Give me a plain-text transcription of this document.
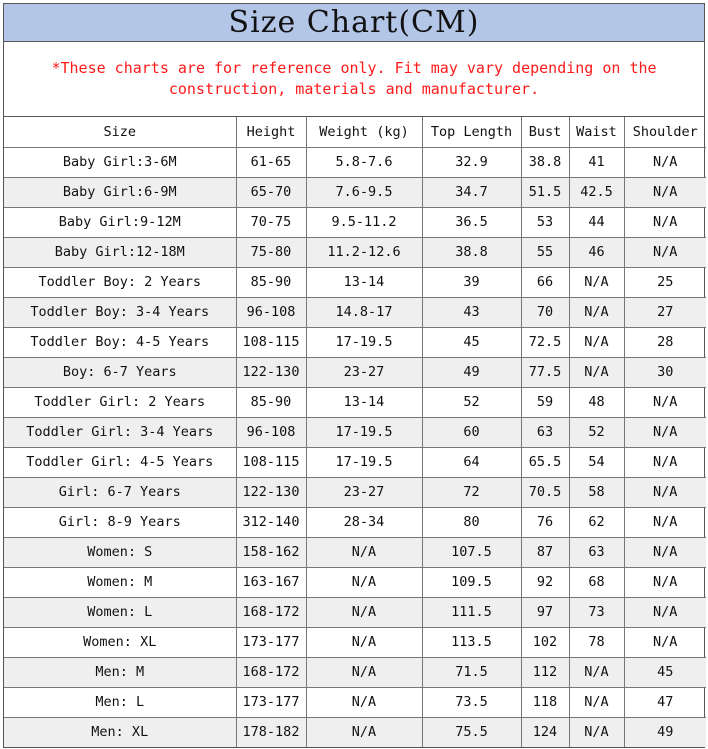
Size Chart(CM)
*These charts are for reference only. Fit may vary depending on the construction, materials and manufacturer.
Size	Height	Weight (kg)	Top Length	Bust	Waist	Shoulder
Baby Girl:3-6M	61-65	5.8-7.6	32.9	38.8	41	N/A
Baby Girl:6-9M	65-70	7.6-9.5	34.7	51.5	42.5	N/A
Baby Girl:9-12M	70-75	9.5-11.2	36.5	53	44	N/A
Baby Girl:12-18M	75-80	11.2-12.6	38.8	55	46	N/A
Toddler Boy: 2 Years	85-90	13-14	39	66	N/A	25
Toddler Boy: 3-4 Years	96-108	14.8-17	43	70	N/A	27
Toddler Boy: 4-5 Years	108-115	17-19.5	45	72.5	N/A	28
Boy: 6-7 Years	122-130	23-27	49	77.5	N/A	30
Toddler Girl: 2 Years	85-90	13-14	52	59	48	N/A
Toddler Girl: 3-4 Years	96-108	17-19.5	60	63	52	N/A
Toddler Girl: 4-5 Years	108-115	17-19.5	64	65.5	54	N/A
Girl: 6-7 Years	122-130	23-27	72	70.5	58	N/A
Girl: 8-9 Years	312-140	28-34	80	76	62	N/A
Women: S	158-162	N/A	107.5	87	63	N/A
Women: M	163-167	N/A	109.5	92	68	N/A
Women: L	168-172	N/A	111.5	97	73	N/A
Women: XL	173-177	N/A	113.5	102	78	N/A
Men: M	168-172	N/A	71.5	112	N/A	45
Men: L	173-177	N/A	73.5	118	N/A	47
Men: XL	178-182	N/A	75.5	124	N/A	49
